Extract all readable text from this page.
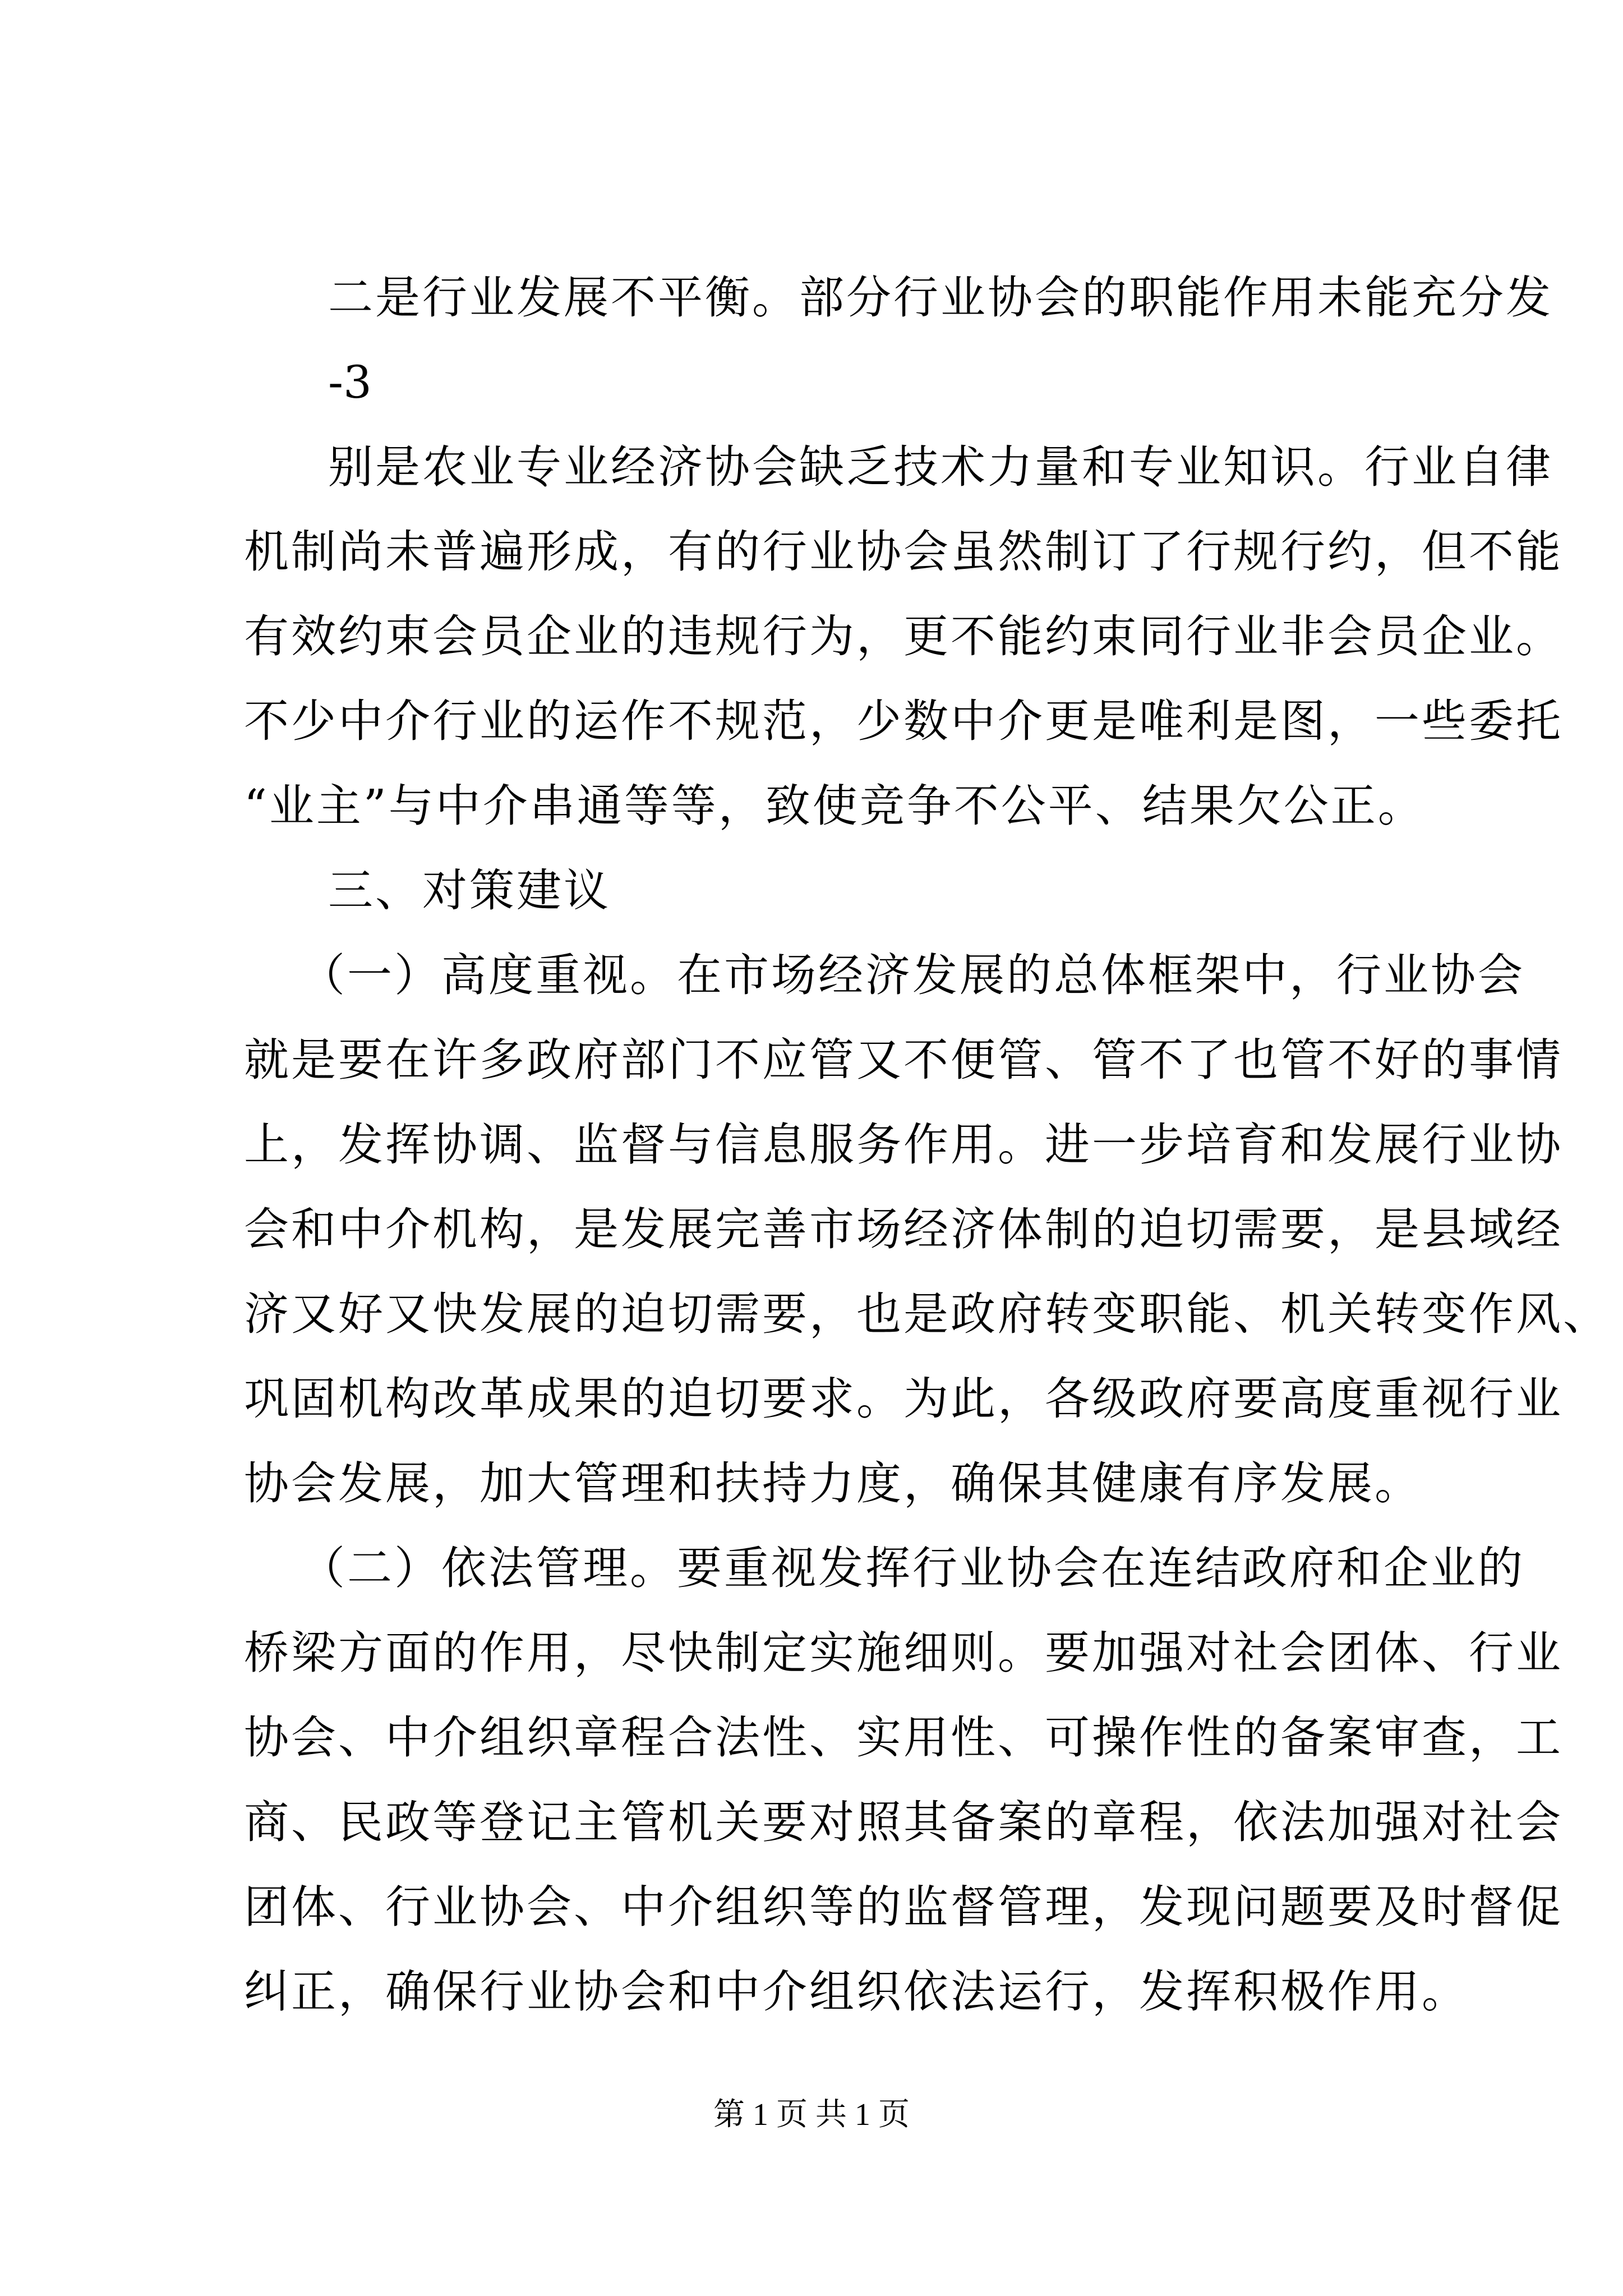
二是行业发展不平衡。部分行业协会的职能作用未能充分发
-3
别是农业专业经济协会缺乏技术力量和专业知识。行业自律
机制尚未普遍形成，有的行业协会虽然制订了行规行约，但不能
有效约束会员企业的违规行为，更不能约束同行业非会员企业。
不少中介行业的运作不规范，少数中介更是唯利是图，一些委托
“业主”与中介串通等等，致使竞争不公平、结果欠公正。
三、对策建议
（一）高度重视。在市场经济发展的总体框架中，行业协会
就是要在许多政府部门不应管又不便管、管不了也管不好的事情
上，发挥协调、监督与信息服务作用。进一步培育和发展行业协
会和中介机构，是发展完善市场经济体制的迫切需要，是县域经
济又好又快发展的迫切需要，也是政府转变职能、机关转变作风、
巩固机构改革成果的迫切要求。为此，各级政府要高度重视行业
协会发展，加大管理和扶持力度，确保其健康有序发展。
（二）依法管理。要重视发挥行业协会在连结政府和企业的
桥梁方面的作用，尽快制定实施细则。要加强对社会团体、行业
协会、中介组织章程合法性、实用性、可操作性的备案审查，工
商、民政等登记主管机关要对照其备案的章程，依法加强对社会
团体、行业协会、中介组织等的监督管理，发现问题要及时督促
纠正，确保行业协会和中介组织依法运行，发挥积极作用。
第 1 页 共 1 页
